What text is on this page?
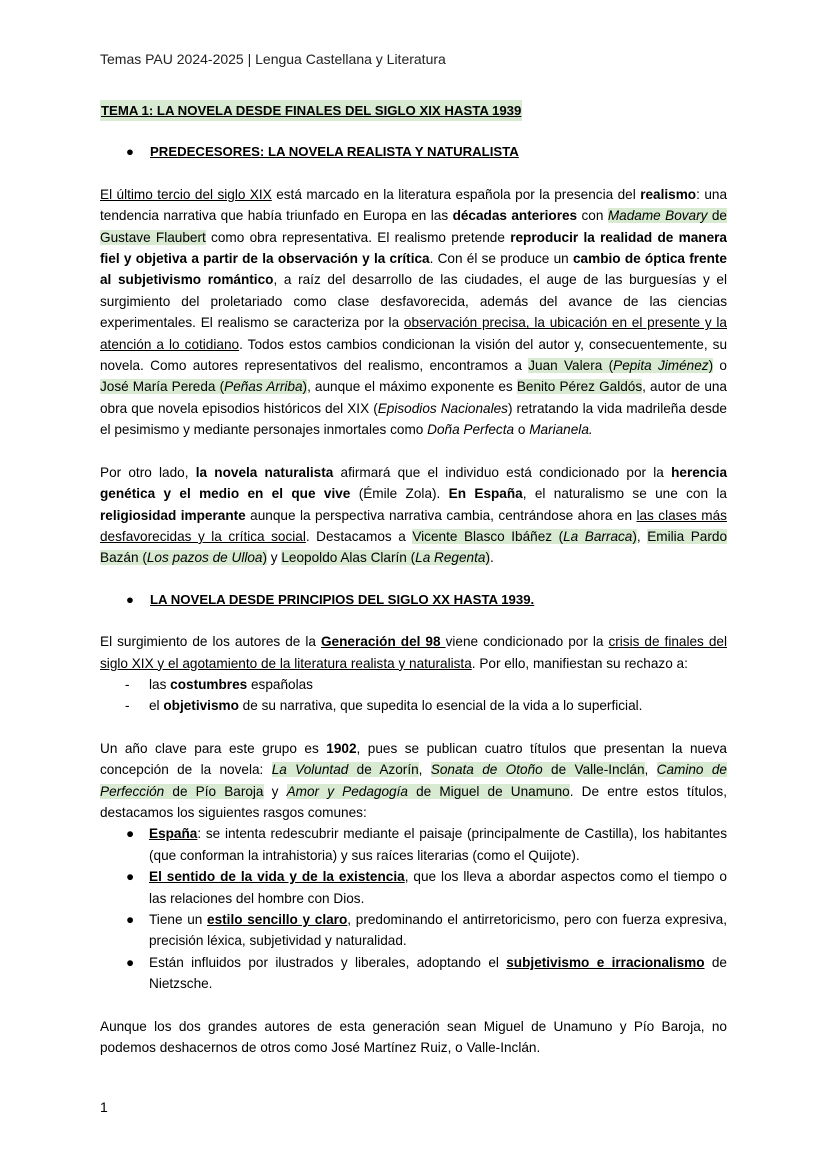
Temas PAU 2024-2025 | Lengua Castellana y Literatura
TEMA 1: LA NOVELA DESDE FINALES DEL SIGLO XIX HASTA 1939
● PREDECESORES: LA NOVELA REALISTA Y NATURALISTA

El último tercio del siglo XIX está marcado en la literatura española por la presencia del realismo: una tendencia narrativa que había triunfado en Europa en las décadas anteriores con Madame Bovary de Gustave Flaubert como obra representativa. El realismo pretende reproducir la realidad de manera fiel y objetiva a partir de la observación y la crítica. Con él se produce un cambio de óptica frente al subjetivismo romántico, a raíz del desarrollo de las ciudades, el auge de las burguesías y el surgimiento del proletariado como clase desfavorecida, además del avance de las ciencias experimentales. El realismo se caracteriza por la observación precisa, la ubicación en el presente y la atención a lo cotidiano. Todos estos cambios condicionan la visión del autor y, consecuentemente, su novela. Como autores representativos del realismo, encontramos a Juan Valera (Pepita Jiménez) o José María Pereda (Peñas Arriba), aunque el máximo exponente es Benito Pérez Galdós, autor de una obra que novela episodios históricos del XIX (Episodios Nacionales) retratando la vida madrileña desde el pesimismo y mediante personajes inmortales como Doña Perfecta o Marianela.

Por otro lado, la novela naturalista afirmará que el individuo está condicionado por la herencia genética y el medio en el que vive (Émile Zola). En España, el naturalismo se une con la religiosidad imperante aunque la perspectiva narrativa cambia, centrándose ahora en las clases más desfavorecidas y la crítica social. Destacamos a Vicente Blasco Ibáñez (La Barraca), Emilia Pardo Bazán (Los pazos de Ulloa) y Leopoldo Alas Clarín (La Regenta).

● LA NOVELA DESDE PRINCIPIOS DEL SIGLO XX HASTA 1939.

El surgimiento de los autores de la Generación del 98 viene condicionado por la crisis de finales del siglo XIX y el agotamiento de la literatura realista y naturalista. Por ello, manifiestan su rechazo a:

- las costumbres españolas
- el objetivismo de su narrativa, que supedita lo esencial de la vida a lo superficial.

Un año clave para este grupo es 1902, pues se publican cuatro títulos que presentan la nueva concepción de la novela: La Voluntad de Azorín, Sonata de Otoño de Valle-Inclán, Camino de Perfección de Pío Baroja y Amor y Pedagogía de Miguel de Unamuno. De entre estos títulos, destacamos los siguientes rasgos comunes:

● España: se intenta redescubrir mediante el paisaje (principalmente de Castilla), los habitantes (que conforman la intrahistoria) y sus raíces literarias (como el Quijote).
● El sentido de la vida y de la existencia, que los lleva a abordar aspectos como el tiempo o las relaciones del hombre con Dios.
● Tiene un estilo sencillo y claro, predominando el antirretoricismo, pero con fuerza expresiva, precisión léxica, subjetividad y naturalidad.
● Están influidos por ilustrados y liberales, adoptando el subjetivismo e irracionalismo de Nietzsche.

Aunque los dos grandes autores de esta generación sean Miguel de Unamuno y Pío Baroja, no podemos deshacernos de otros como José Martínez Ruiz, o Valle-Inclán.

1
